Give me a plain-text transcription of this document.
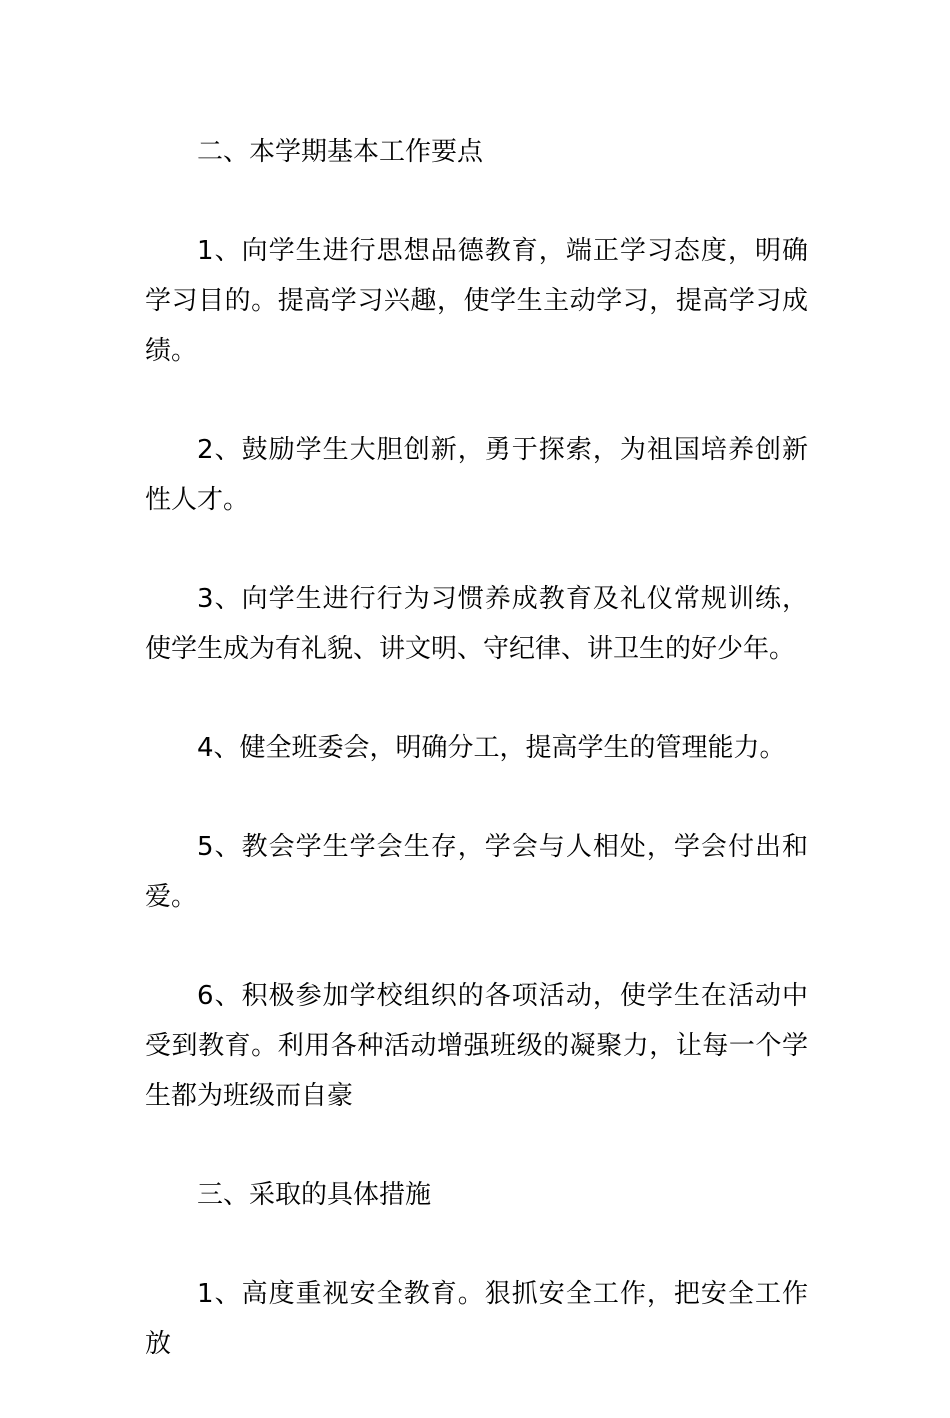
二、本学期基本工作要点

1、向学生进行思想品德教育，端正学习态度，明确学习目的。提高学习兴趣，使学生主动学习，提高学习成绩。

2、鼓励学生大胆创新，勇于探索，为祖国培养创新性人才。

3、向学生进行行为习惯养成教育及礼仪常规训练，使学生成为有礼貌、讲文明、守纪律、讲卫生的好少年。

4、健全班委会，明确分工，提高学生的管理能力。

5、教会学生学会生存，学会与人相处，学会付出和爱。

6、积极参加学校组织的各项活动，使学生在活动中受到教育。利用各种活动增强班级的凝聚力，让每一个学生都为班级而自豪

三、采取的具体措施

1、高度重视安全教育。狠抓安全工作，把安全工作放
